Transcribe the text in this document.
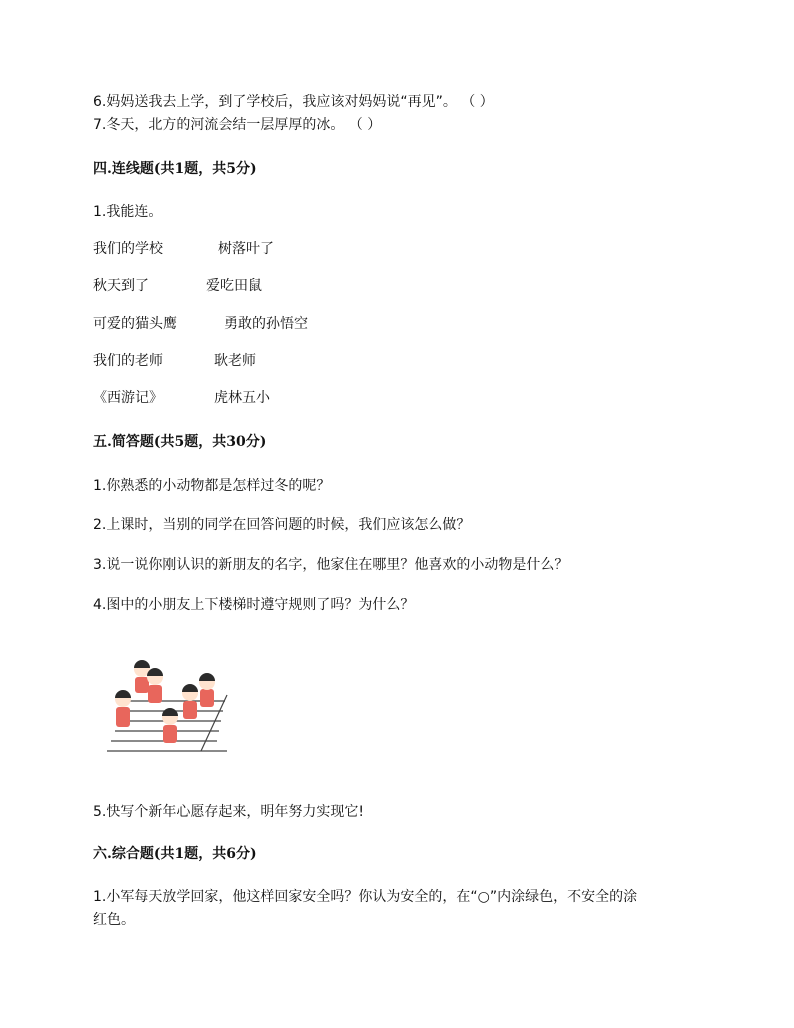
6.妈妈送我去上学，到了学校后，我应该对妈妈说“再见”。 （ ）
7.冬天，北方的河流会结一层厚厚的冰。 （ ）
四.连线题(共1题，共5分)
1.我能连。
我们的学校	树落叶了
秋天到了	爱吃田鼠
可爱的猫头鹰	勇敢的孙悟空
我们的老师	耿老师
《西游记》	虎林五小
五.简答题(共5题，共30分)
1.你熟悉的小动物都是怎样过冬的呢？
2.上课时，当别的同学在回答问题的时候，我们应该怎么做？
3.说一说你刚认识的新朋友的名字，他家住在哪里？他喜欢的小动物是什么？
4.图中的小朋友上下楼梯时遵守规则了吗？为什么？
5.快写个新年心愿存起来，明年努力实现它!
六.综合题(共1题，共6分)
1.小军每天放学回家，他这样回家安全吗？你认为安全的，在“○”内涂绿色，不安全的涂
红色。
